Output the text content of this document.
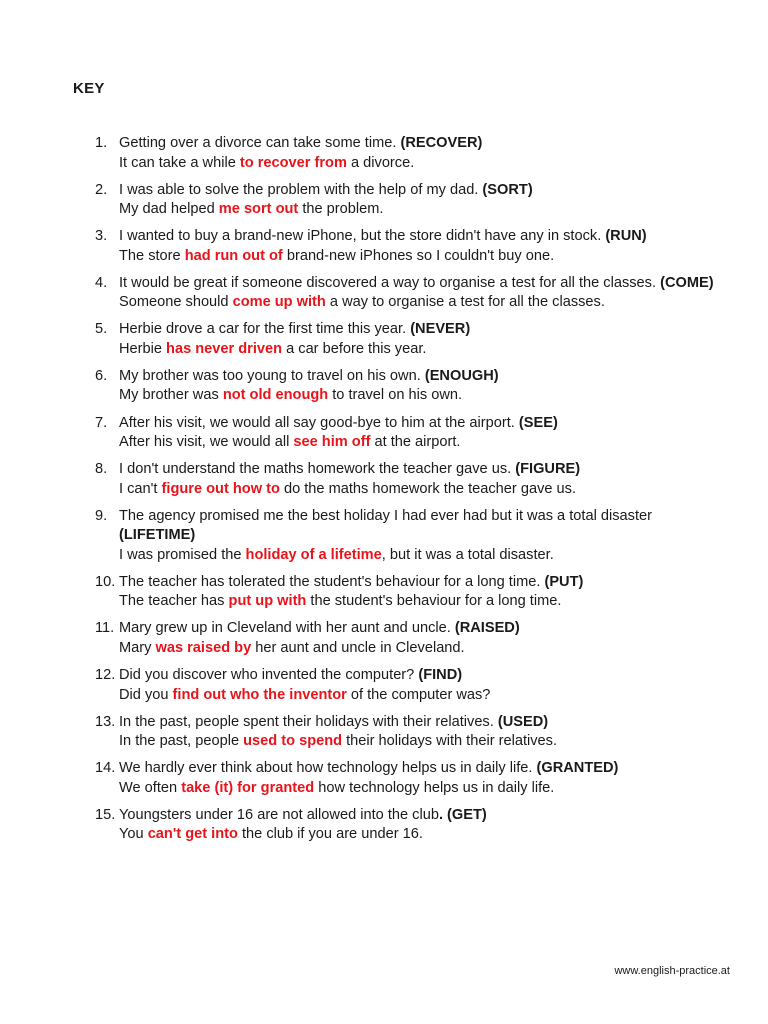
KEY
1. Getting over a divorce can take some time. (RECOVER)
It can take a while to recover from a divorce.
2. I was able to solve the problem with the help of my dad. (SORT)
My dad helped me sort out the problem.
3. I wanted to buy a brand-new iPhone, but the store didn't have any in stock. (RUN)
The store had run out of brand-new iPhones so I couldn't buy one.
4. It would be great if someone discovered a way to organise a test for all the classes. (COME)
Someone should come up with a way to organise a test for all the classes.
5. Herbie drove a car for the first time this year. (NEVER)
Herbie has never driven a car before this year.
6. My brother was too young to travel on his own. (ENOUGH)
My brother was not old enough to travel on his own.
7. After his visit, we would all say good-bye to him at the airport. (SEE)
After his visit, we would all see him off at the airport.
8. I don't understand the maths homework the teacher gave us. (FIGURE)
I can't figure out how to do the maths homework the teacher gave us.
9. The agency promised me the best holiday I had ever had but it was a total disaster (LIFETIME)
I was promised the holiday of a lifetime, but it was a total disaster.
10. The teacher has tolerated the student's behaviour for a long time. (PUT)
The teacher has put up with the student's behaviour for a long time.
11. Mary grew up in Cleveland with her aunt and uncle. (RAISED)
Mary was raised by her aunt and uncle in Cleveland.
12. Did you discover who invented the computer? (FIND)
Did you find out who the inventor of the computer was?
13. In the past, people spent their holidays with their relatives. (USED)
In the past, people used to spend their holidays with their relatives.
14. We hardly ever think about how technology helps us in daily life. (GRANTED)
We often take (it) for granted how technology helps us in daily life.
15. Youngsters under 16 are not allowed into the club. (GET)
You can't get into the club if you are under 16.
www.english-practice.at
